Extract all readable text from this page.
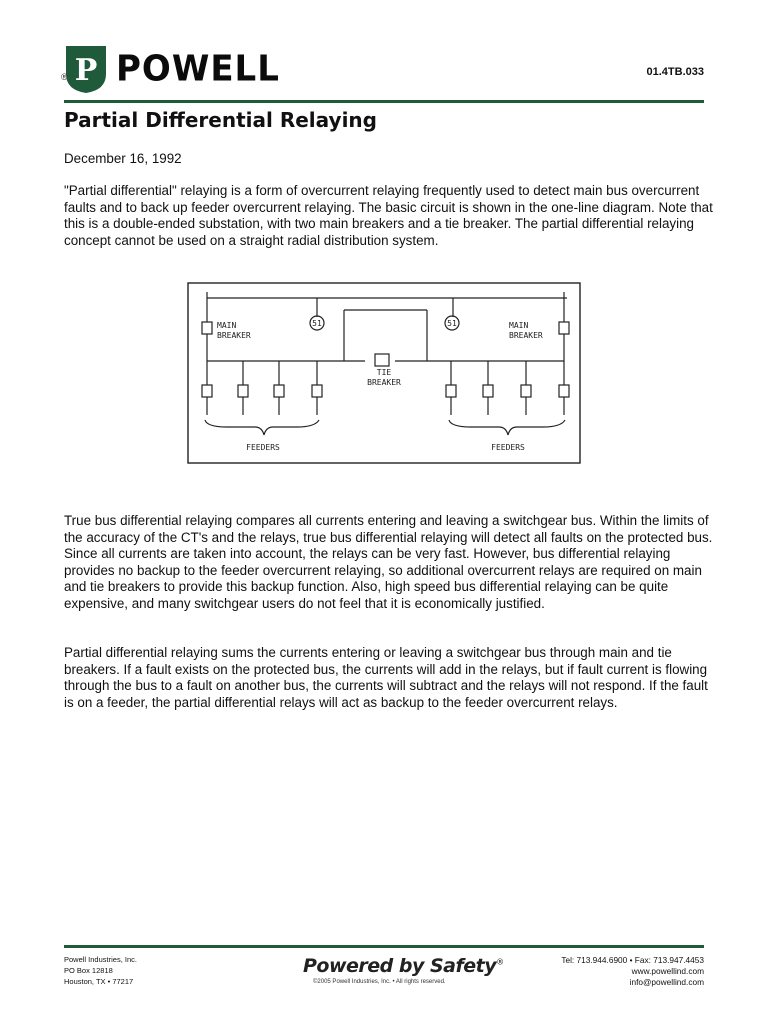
P
® POWELL	01.4TB.033
Partial Differential Relaying

December 16, 1992

"Partial differential" relaying is a form of overcurrent relaying frequently used to detect main bus overcurrent faults and to back up feeder overcurrent relaying. The basic circuit is shown in the one-line diagram. Note that this is a double-ended substation, with two main breakers and a tie breaker. The partial differential relaying concept cannot be used on a straight radial distribution system.

51	51
MAIN
BREAKER
MAIN
BREAKER
TIE
BREAKER
FEEDERS	FEEDERS

True bus differential relaying compares all currents entering and leaving a switchgear bus. Within the limits of the accuracy of the CT's and the relays, true bus differential relaying will detect all faults on the protected bus. Since all currents are taken into account, the relays can be very fast. However, bus differential relaying provides no backup to the feeder overcurrent relaying, so additional overcurrent relays are required on main and tie breakers to provide this backup function. Also, high speed bus differential relaying can be quite expensive, and many switchgear users do not feel that it is economically justified.

Partial differential relaying sums the currents entering or leaving a switchgear bus through main and tie breakers. If a fault exists on the protected bus, the currents will add in the relays, but if fault current is flowing through the bus to a fault on another bus, the currents will subtract and the relays will not respond. If the fault is on a feeder, the partial differential relays will act as backup to the feeder overcurrent relays.

Powell Industries, Inc.
PO Box 12818
Houston, TX • 77217
Powered by Safety®
©2005 Powell Industries, Inc. • All rights reserved.
Tel: 713.944.6900 • Fax: 713.947.4453
www.powellind.com
info@powellind.com
